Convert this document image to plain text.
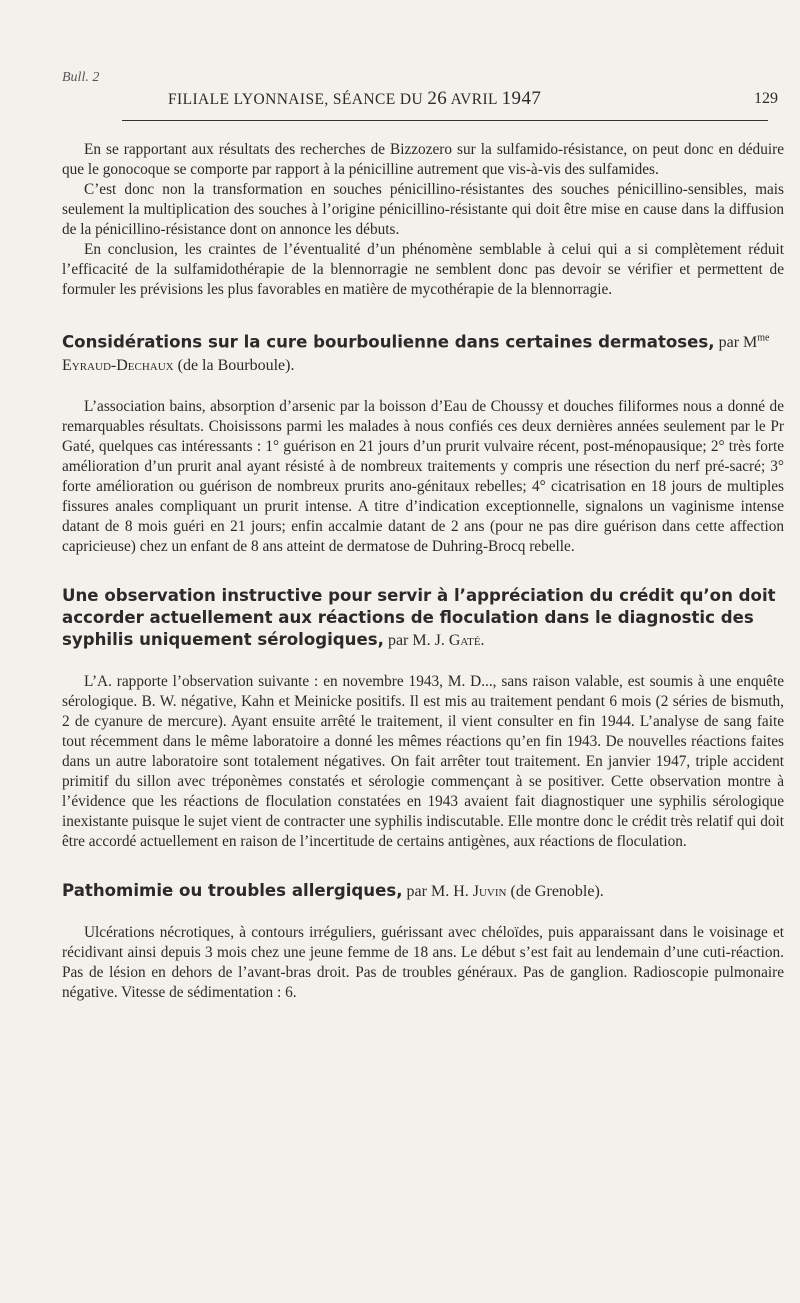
Bull. 2
FILIALE LYONNAISE, SÉANCE DU 26 AVRIL 1947	129

En se rapportant aux résultats des recherches de Bizzozero sur la sulfamido-résistance, on peut donc en déduire que le gonocoque se comporte par rapport à la pénicilline autrement que vis-à-vis des sulfamides.

C’est donc non la transformation en souches pénicillino-résistantes des souches pénicillino-sensibles, mais seulement la multiplication des souches à l’origine pénicillino-résistante qui doit être mise en cause dans la diffusion de la pénicillino-résistance dont on annonce les débuts.

En conclusion, les craintes de l’éventualité d’un phénomène semblable à celui qui a si complètement réduit l’efficacité de la sulfamidothérapie de la blennorragie ne semblent donc pas devoir se vérifier et permettent de formuler les prévisions les plus favorables en matière de mycothérapie de la blennorragie.

Considérations sur la cure bourboulienne dans certaines dermatoses, par $M^{me}$ Eyraud-Dechaux (de la Bourboule).

L’association bains, absorption d’arsenic par la boisson d’Eau de Choussy et douches filiformes nous a donné de remarquables résultats. Choisissons parmi les malades à nous confiés ces deux dernières années seulement par le Pr Gaté, quelques cas intéressants : 1° guérison en 21 jours d’un prurit vulvaire récent, post-ménopausique; 2° très forte amélioration d’un prurit anal ayant résisté à de nombreux traitements y compris une résection du nerf pré-sacré; 3° forte amélioration ou guérison de nombreux prurits ano-génitaux rebelles; 4° cicatrisation en 18 jours de multiples fissures anales compliquant un prurit intense. A titre d’indication exceptionnelle, signalons un vaginisme intense datant de 8 mois guéri en 21 jours; enfin accalmie datant de 2 ans (pour ne pas dire guérison dans cette affection capricieuse) chez un enfant de 8 ans atteint de dermatose de Duhring-Brocq rebelle.

Une observation instructive pour servir à l’appréciation du crédit qu’on doit accorder actuellement aux réactions de floculation dans le diagnostic des syphilis uniquement sérologiques, par M. J. Gaté.

L’A. rapporte l’observation suivante : en novembre 1943, M. D..., sans raison valable, est soumis à une enquête sérologique. B. W. négative, Kahn et Meinicke positifs. Il est mis au traitement pendant 6 mois (2 séries de bismuth, 2 de cyanure de mercure). Ayant ensuite arrêté le traitement, il vient consulter en fin 1944. L’analyse de sang faite tout récemment dans le même laboratoire a donné les mêmes réactions qu’en fin 1943. De nouvelles réactions faites dans un autre laboratoire sont totalement négatives. On fait arrêter tout traitement. En janvier 1947, triple accident primitif du sillon avec tréponèmes constatés et sérologie commençant à se positiver. Cette observation montre à l’évidence que les réactions de floculation constatées en 1943 avaient fait diagnostiquer une syphilis sérologique inexistante puisque le sujet vient de contracter une syphilis indiscutable. Elle montre donc le crédit très relatif qui doit être accordé actuellement en raison de l’incertitude de certains antigènes, aux réactions de floculation.

Pathomimie ou troubles allergiques, par M. H. Juvin (de Grenoble).

Ulcérations nécrotiques, à contours irréguliers, guérissant avec chéloïdes, puis apparaissant dans le voisinage et récidivant ainsi depuis 3 mois chez une jeune femme de 18 ans. Le début s’est fait au lendemain d’une cuti-réaction. Pas de lésion en dehors de l’avant-bras droit. Pas de troubles généraux. Pas de ganglion. Radioscopie pulmonaire négative. Vitesse de sédimentation : 6.
